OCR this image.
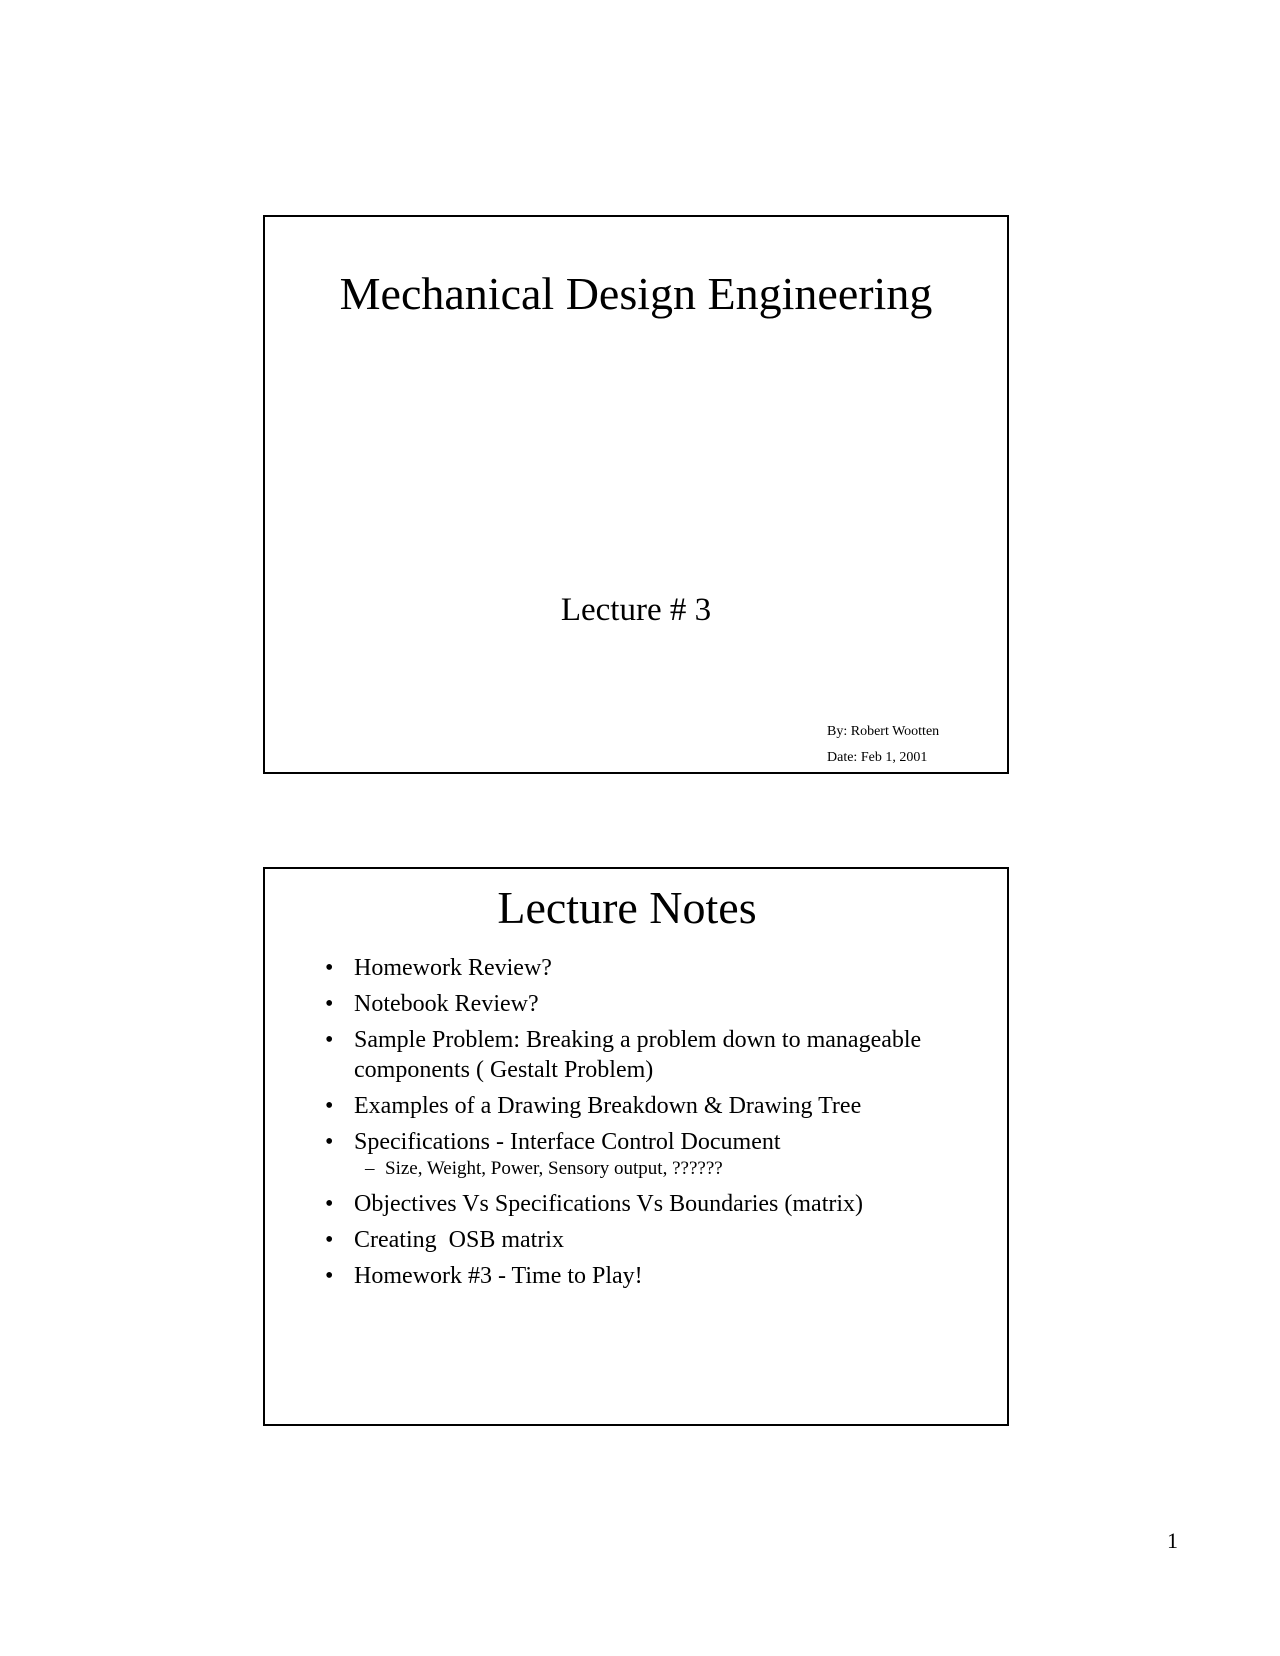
Mechanical Design Engineering
Lecture # 3
By: Robert Wootten
Date: Feb 1, 2001
Lecture Notes
• Homework Review?
• Notebook Review?
• Sample Problem: Breaking a problem down to manageable components ( Gestalt Problem)
• Examples of a Drawing Breakdown & Drawing Tree
• Specifications - Interface Control Document
– Size, Weight, Power, Sensory output, ??????
• Objectives Vs Specifications Vs Boundaries (matrix)
• Creating  OSB matrix
• Homework #3 - Time to Play!
1
